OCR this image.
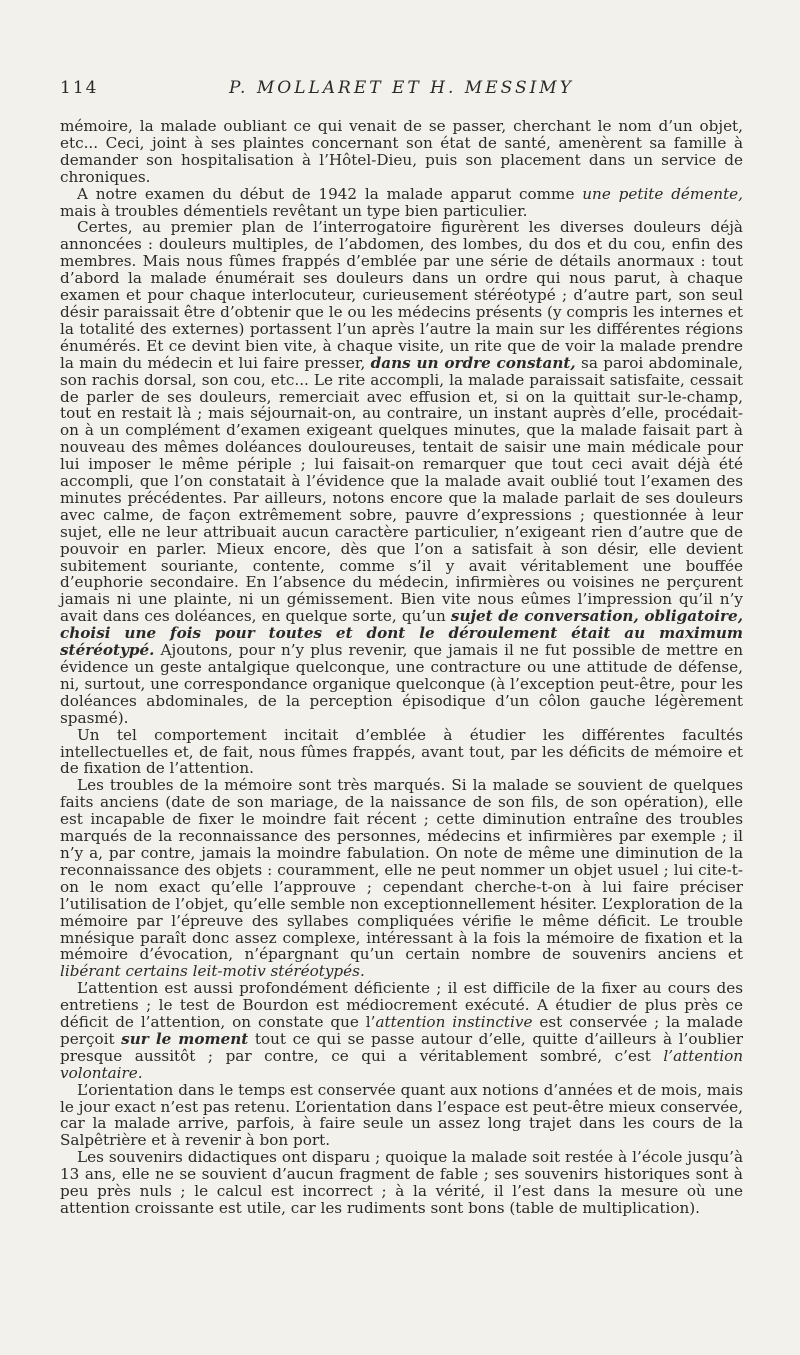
114	P. MOLLARET ET H. MESSIMY

mémoire, la malade oubliant ce qui venait de se passer, cherchant le nom d’un objet, etc... Ceci, joint à ses plaintes concernant son état de santé, amenèrent sa famille à demander son hospitalisation à l’Hôtel-Dieu, puis son placement dans un service de chroniques.

A notre examen du début de 1942 la malade apparut comme une petite démente, mais à troubles démentiels revêtant un type bien particulier.

Certes, au premier plan de l’interrogatoire figurèrent les diverses douleurs déjà annoncées : douleurs multiples, de l’abdomen, des lombes, du dos et du cou, enfin des membres. Mais nous fûmes frappés d’emblée par une série de détails anormaux : tout d’abord la malade énumérait ses douleurs dans un ordre qui nous parut, à chaque examen et pour chaque interlocuteur, curieusement stéréotypé ; d’autre part, son seul désir paraissait être d’obtenir que le ou les médecins présents (y compris les internes et la totalité des externes) portassent l’un après l’autre la main sur les différentes régions énumérés. Et ce devint bien vite, à chaque visite, un rite que de voir la malade prendre la main du médecin et lui faire presser, dans un ordre constant, sa paroi abdominale, son rachis dorsal, son cou, etc... Le rite accompli, la malade paraissait satisfaite, cessait de parler de ses douleurs, remerciait avec effusion et, si on la quittait sur-le-champ, tout en restait là ; mais séjournait-on, au contraire, un instant auprès d’elle, procédait-on à un complément d’examen exigeant quelques minutes, que la malade faisait part à nouveau des mêmes doléances douloureuses, tentait de saisir une main médicale pour lui imposer le même périple ; lui faisait-on remarquer que tout ceci avait déjà été accompli, que l’on constatait à l’évidence que la malade avait oublié tout l’examen des minutes précédentes. Par ailleurs, notons encore que la malade parlait de ses douleurs avec calme, de façon extrêmement sobre, pauvre d’expressions ; questionnée à leur sujet, elle ne leur attribuait aucun caractère particulier, n’exigeant rien d’autre que de pouvoir en parler. Mieux encore, dès que l’on a satisfait à son désir, elle devient subitement souriante, contente, comme s’il y avait véritablement une bouffée d’euphorie secondaire. En l’absence du médecin, infirmières ou voisines ne perçurent jamais ni une plainte, ni un gémissement. Bien vite nous eûmes l’impression qu’il n’y avait dans ces doléances, en quelque sorte, qu’un sujet de conversation, obligatoire, choisi une fois pour toutes et dont le déroulement était au maximum stéréotypé. Ajoutons, pour n’y plus revenir, que jamais il ne fut possible de mettre en évidence un geste antalgique quelconque, une contracture ou une attitude de défense, ni, surtout, une correspondance organique quelconque (à l’exception peut-être, pour les doléances abdominales, de la perception épisodique d’un côlon gauche légèrement spasmé).

Un tel comportement incitait d’emblée à étudier les différentes facultés intellectuelles et, de fait, nous fûmes frappés, avant tout, par les déficits de mémoire et de fixation de l’attention.

Les troubles de la mémoire sont très marqués. Si la malade se souvient de quelques faits anciens (date de son mariage, de la naissance de son fils, de son opération), elle est incapable de fixer le moindre fait récent ; cette diminution entraîne des troubles marqués de la reconnaissance des personnes, médecins et infirmières par exemple ; il n’y a, par contre, jamais la moindre fabulation. On note de même une diminution de la reconnaissance des objets : couramment, elle ne peut nommer un objet usuel ; lui cite-t-on le nom exact qu’elle l’approuve ; cependant cherche-t-on à lui faire préciser l’utilisation de l’objet, qu’elle semble non exceptionnellement hésiter. L’exploration de la mémoire par l’épreuve des syllabes compliquées vérifie le même déficit. Le trouble mnésique paraît donc assez complexe, intéressant à la fois la mémoire de fixation et la mémoire d’évocation, n’épargnant qu’un certain nombre de souvenirs anciens et libérant certains leit-motiv stéréotypés.

L’attention est aussi profondément déficiente ; il est difficile de la fixer au cours des entretiens ; le test de Bourdon est médiocrement exécuté. A étudier de plus près ce déficit de l’attention, on constate que l’attention instinctive est conservée ; la malade perçoit sur le moment tout ce qui se passe autour d’elle, quitte d’ailleurs à l’oublier presque aussitôt ; par contre, ce qui a véritablement sombré, c’est l’attention volontaire.

L’orientation dans le temps est conservée quant aux notions d’années et de mois, mais le jour exact n’est pas retenu. L’orientation dans l’espace est peut-être mieux conservée, car la malade arrive, parfois, à faire seule un assez long trajet dans les cours de la Salpêtrière et à revenir à bon port.

Les souvenirs didactiques ont disparu ; quoique la malade soit restée à l’école jusqu’à 13 ans, elle ne se souvient d’aucun fragment de fable ; ses souvenirs historiques sont à peu près nuls ; le calcul est incorrect ; à la vérité, il l’est dans la mesure où une attention croissante est utile, car les rudiments sont bons (table de multiplication).
